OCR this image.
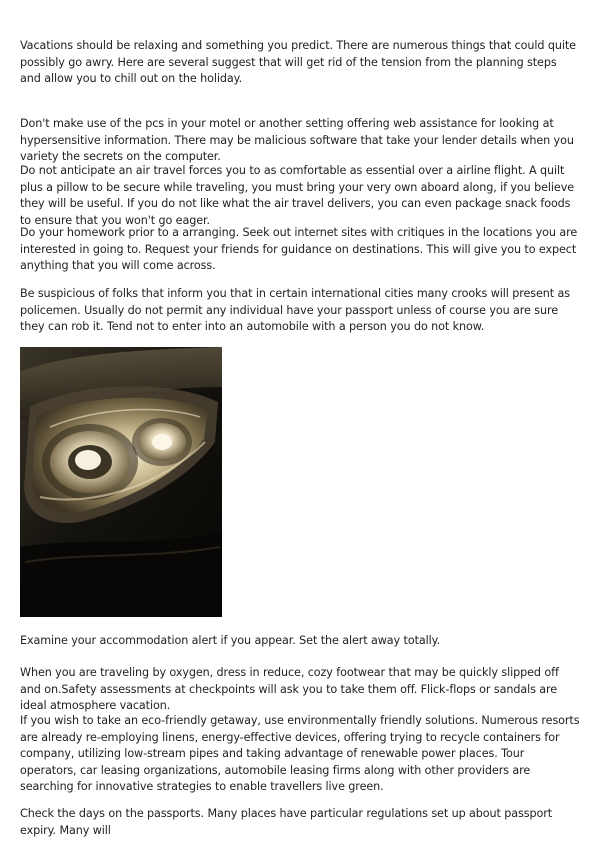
Vacations should be relaxing and something you predict. There are numerous things that could quite possibly go awry. Here are several suggest that will get rid of the tension from the planning steps and allow you to chill out on the holiday.

Don't make use of the pcs in your motel or another setting offering web assistance for looking at hypersensitive information. There may be malicious software that take your lender details when you variety the secrets on the computer.

Do not anticipate an air travel forces you to as comfortable as essential over a airline flight. A quilt plus a pillow to be secure while traveling, you must bring your very own aboard along, if you believe they will be useful. If you do not like what the air travel delivers, you can even package snack foods to ensure that you won't go eager.

Do your homework prior to a arranging. Seek out internet sites with critiques in the locations you are interested in going to. Request your friends for guidance on destinations. This will give you to expect anything that you will come across.

Be suspicious of folks that inform you that in certain international cities many crooks will present as policemen. Usually do not permit any individual have your passport unless of course you are sure they can rob it. Tend not to enter into an automobile with a person you do not know.

Examine your accommodation alert if you appear. Set the alert away totally.

When you are traveling by oxygen, dress in reduce, cozy footwear that may be quickly slipped off and on.Safety assessments at checkpoints will ask you to take them off. Flick-flops or sandals are ideal atmosphere vacation.

If you wish to take an eco-friendly getaway, use environmentally friendly solutions. Numerous resorts are already re-employing linens, energy-effective devices, offering trying to recycle containers for company, utilizing low-stream pipes and taking advantage of renewable power places. Tour operators, car leasing organizations, automobile leasing firms along with other providers are searching for innovative strategies to enable travellers live green.

Check the days on the passports. Many places have particular regulations set up about passport expiry. Many will
